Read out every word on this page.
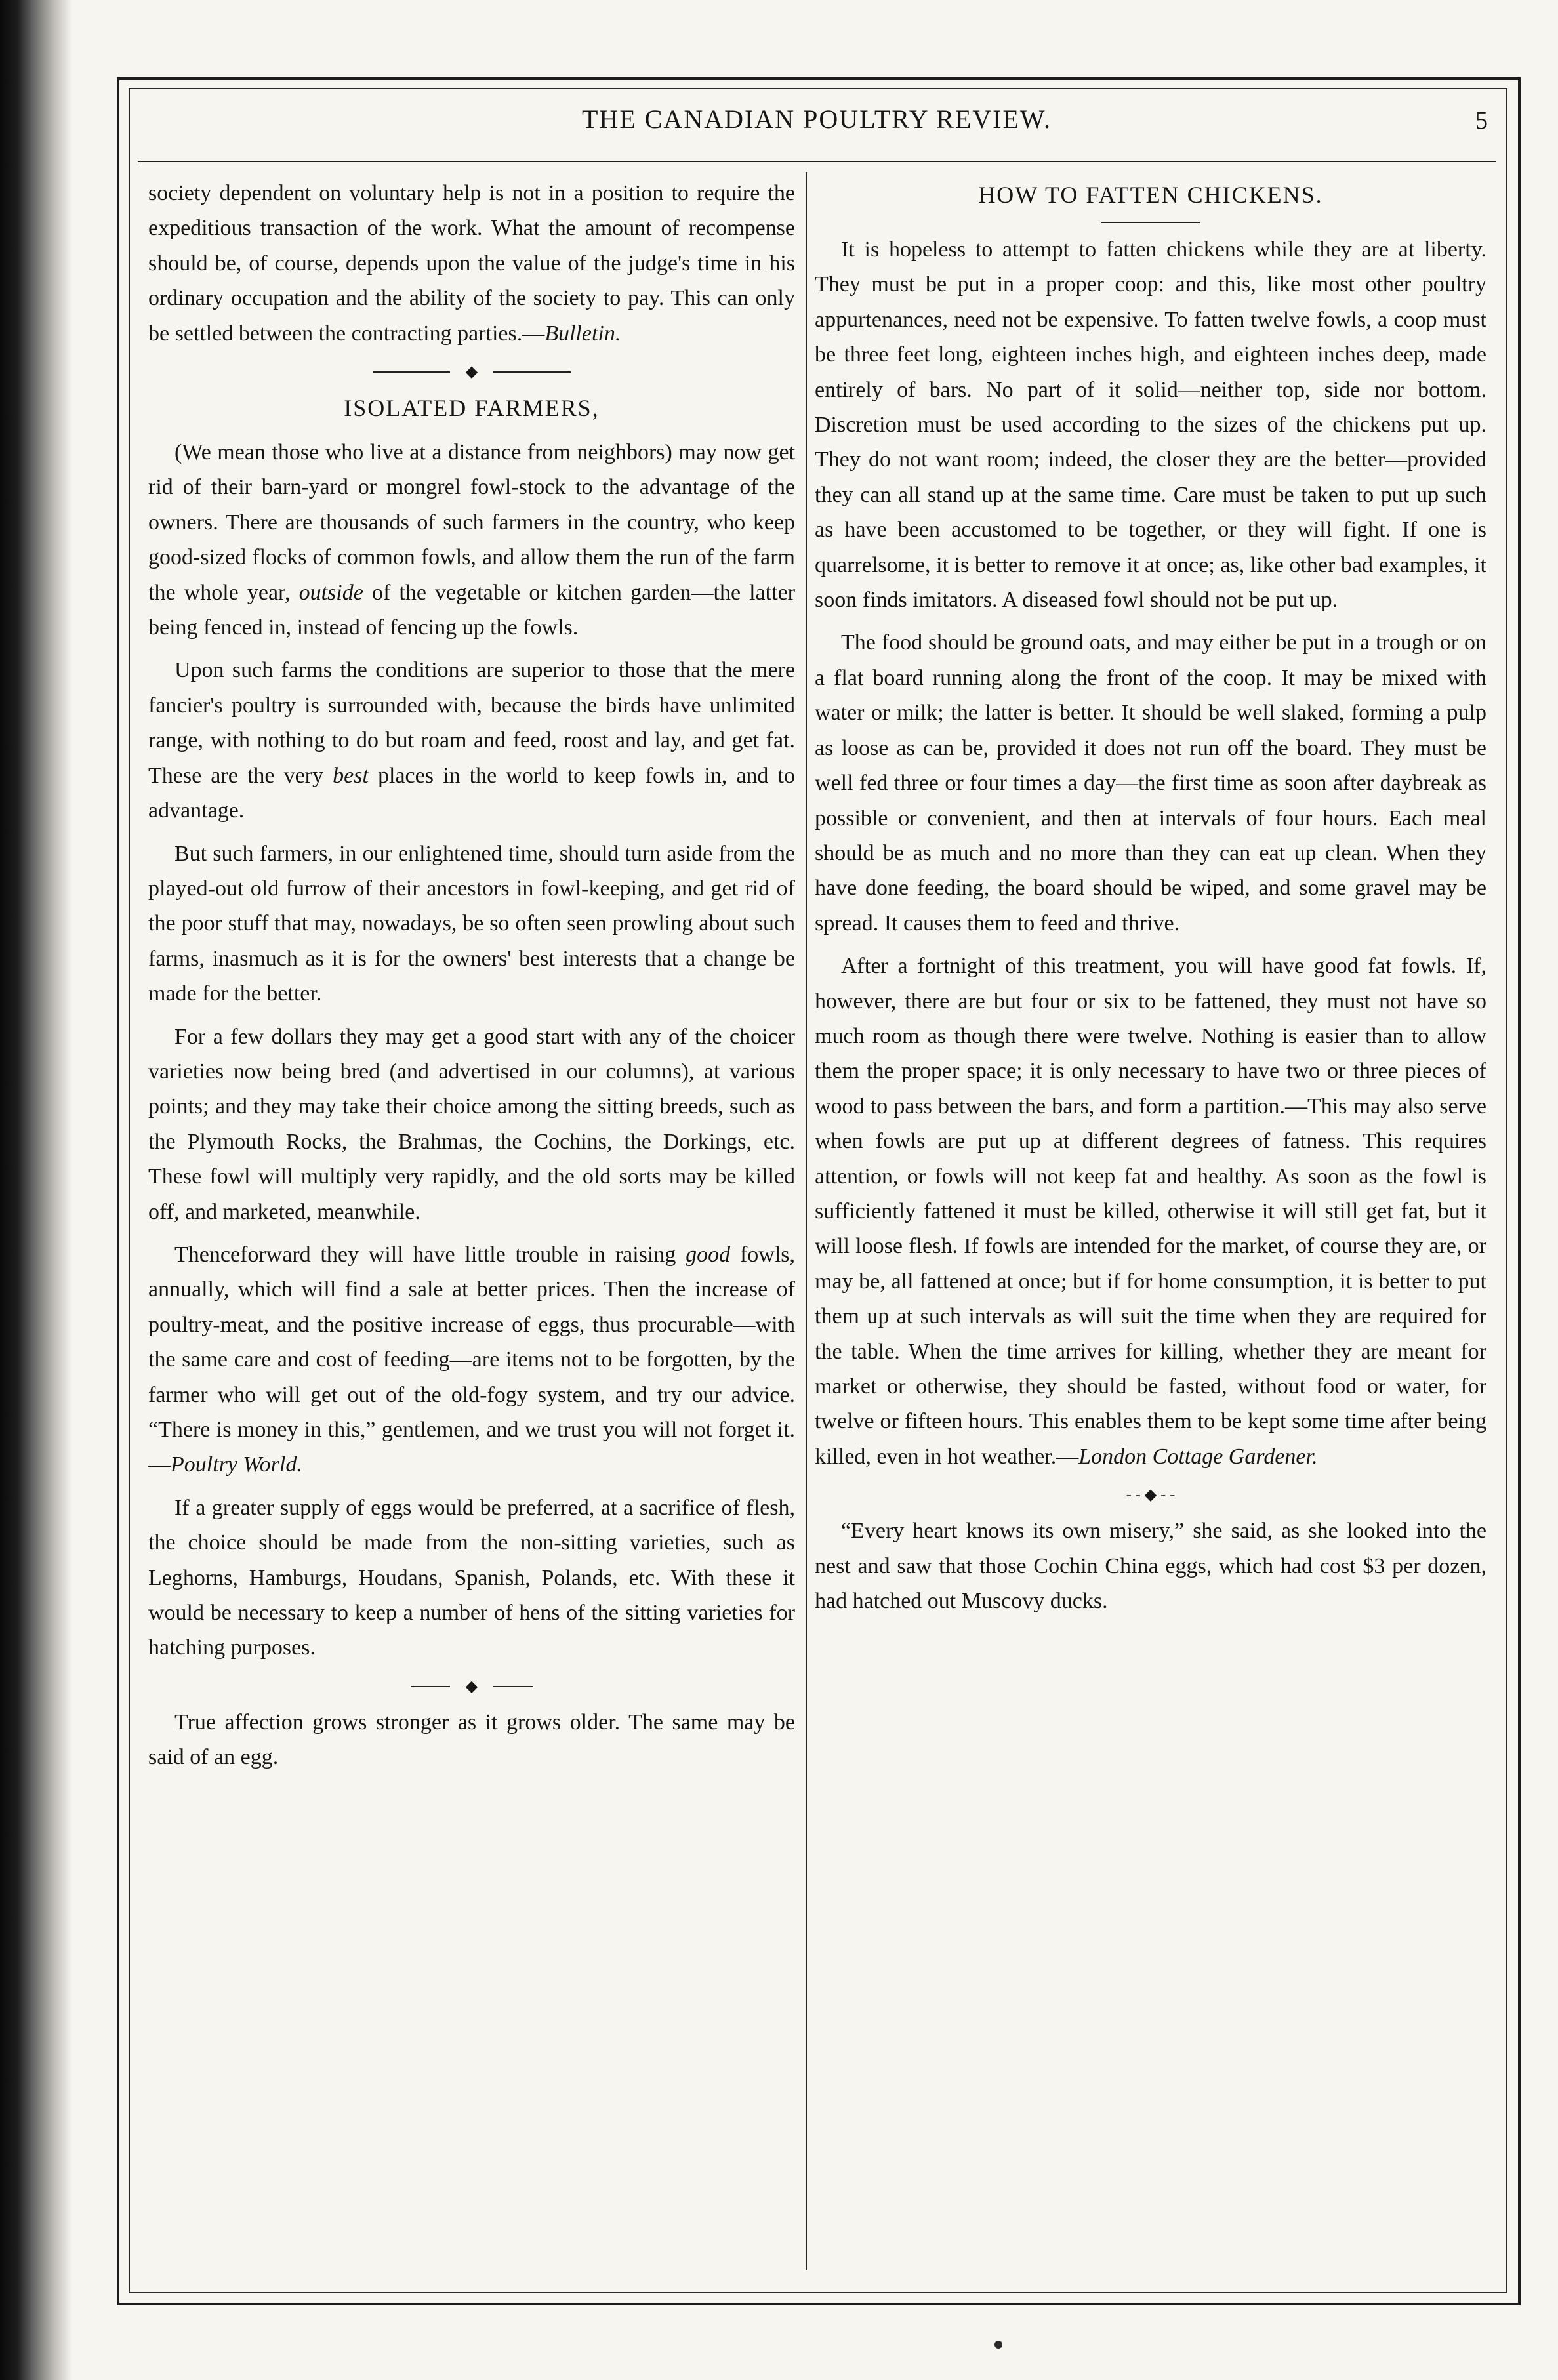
THE CANADIAN POULTRY REVIEW.	5

society dependent on voluntary help is not in a position to require the expeditious transaction of the work. What the amount of recompense should be, of course, depends upon the value of the judge's time in his ordinary occupation and the ability of the society to pay. This can only be settled between the contracting parties.—Bulletin.

◆
ISOLATED FARMERS,

(We mean those who live at a distance from neighbors) may now get rid of their barn-yard or mongrel fowl-stock to the advantage of the owners. There are thousands of such farmers in the country, who keep good-sized flocks of common fowls, and allow them the run of the farm the whole year, outside of the vegetable or kitchen garden—the latter being fenced in, instead of fencing up the fowls.

Upon such farms the conditions are superior to those that the mere fancier's poultry is surrounded with, because the birds have unlimited range, with nothing to do but roam and feed, roost and lay, and get fat. These are the very best places in the world to keep fowls in, and to advantage.

But such farmers, in our enlightened time, should turn aside from the played-out old furrow of their ancestors in fowl-keeping, and get rid of the poor stuff that may, nowadays, be so often seen prowling about such farms, inasmuch as it is for the owners' best interests that a change be made for the better.

For a few dollars they may get a good start with any of the choicer varieties now being bred (and advertised in our columns), at various points; and they may take their choice among the sitting breeds, such as the Plymouth Rocks, the Brahmas, the Cochins, the Dorkings, etc. These fowl will multiply very rapidly, and the old sorts may be killed off, and marketed, meanwhile.

Thenceforward they will have little trouble in raising good fowls, annually, which will find a sale at better prices. Then the increase of poultry-meat, and the positive increase of eggs, thus procurable—with the same care and cost of feeding—are items not to be forgotten, by the farmer who will get out of the old-fogy system, and try our advice. “There is money in this,” gentlemen, and we trust you will not forget it.—Poultry World.

If a greater supply of eggs would be preferred, at a sacrifice of flesh, the choice should be made from the non-sitting varieties, such as Leghorns, Hamburgs, Houdans, Spanish, Polands, etc. With these it would be necessary to keep a number of hens of the sitting varieties for hatching purposes.

◆

True affection grows stronger as it grows older. The same may be said of an egg.

HOW TO FATTEN CHICKENS.

It is hopeless to attempt to fatten chickens while they are at liberty. They must be put in a proper coop: and this, like most other poultry appurtenances, need not be expensive. To fatten twelve fowls, a coop must be three feet long, eighteen inches high, and eighteen inches deep, made entirely of bars. No part of it solid—neither top, side nor bottom. Discretion must be used according to the sizes of the chickens put up. They do not want room; indeed, the closer they are the better—provided they can all stand up at the same time. Care must be taken to put up such as have been accustomed to be together, or they will fight. If one is quarrelsome, it is better to remove it at once; as, like other bad examples, it soon finds imitators. A diseased fowl should not be put up.

The food should be ground oats, and may either be put in a trough or on a flat board running along the front of the coop. It may be mixed with water or milk; the latter is better. It should be well slaked, forming a pulp as loose as can be, provided it does not run off the board. They must be well fed three or four times a day—the first time as soon after daybreak as possible or convenient, and then at intervals of four hours. Each meal should be as much and no more than they can eat up clean. When they have done feeding, the board should be wiped, and some gravel may be spread. It causes them to feed and thrive.

After a fortnight of this treatment, you will have good fat fowls. If, however, there are but four or six to be fattened, they must not have so much room as though there were twelve. Nothing is easier than to allow them the proper space; it is only necessary to have two or three pieces of wood to pass between the bars, and form a partition.—This may also serve when fowls are put up at different degrees of fatness. This requires attention, or fowls will not keep fat and healthy. As soon as the fowl is sufficiently fattened it must be killed, otherwise it will still get fat, but it will loose flesh. If fowls are intended for the market, of course they are, or may be, all fattened at once; but if for home consumption, it is better to put them up at such intervals as will suit the time when they are required for the table. When the time arrives for killing, whether they are meant for market or otherwise, they should be fasted, without food or water, for twelve or fifteen hours. This enables them to be kept some time after being killed, even in hot weather.—London Cottage Gardener.

- - ◆ - -

“Every heart knows its own misery,” she said, as she looked into the nest and saw that those Cochin China eggs, which had cost $3 per dozen, had hatched out Muscovy ducks.
